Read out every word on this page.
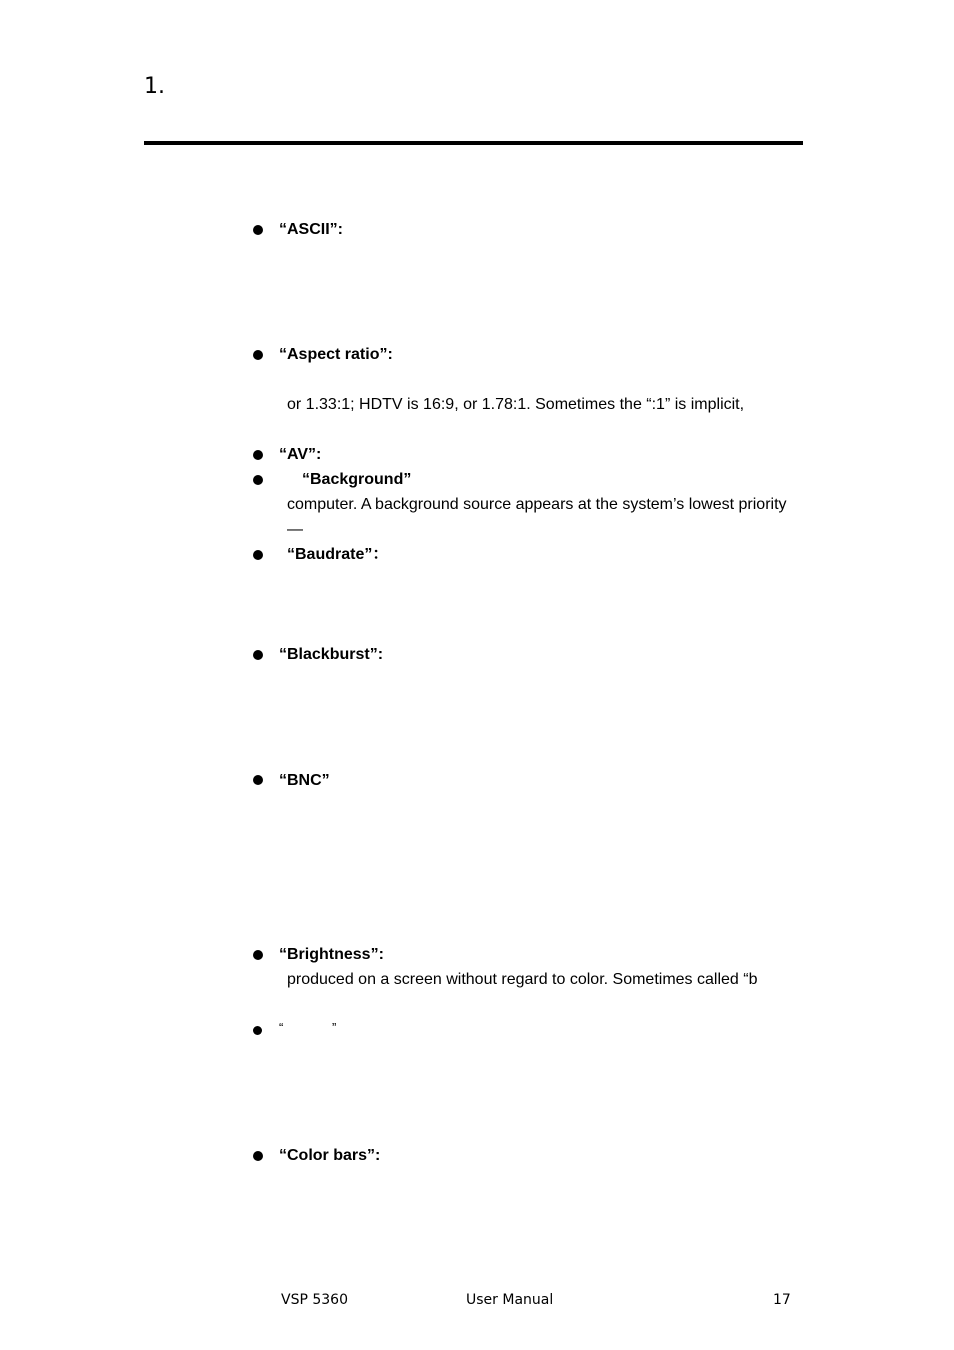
1.
“ASCII”:
“Aspect ratio”:
or 1.33:1; HDTV is 16:9, or 1.78:1. Sometimes the “:1” is implicit,
“AV”:
“Background”
computer. A background source appears at the system’s lowest priority
—
“Baudrate”：
“Blackburst”:
“BNC”
“Brightness”:
produced on a screen without regard to color. Sometimes called “b
“	”
“Color bars”:
VSP 5360	User Manual	17
